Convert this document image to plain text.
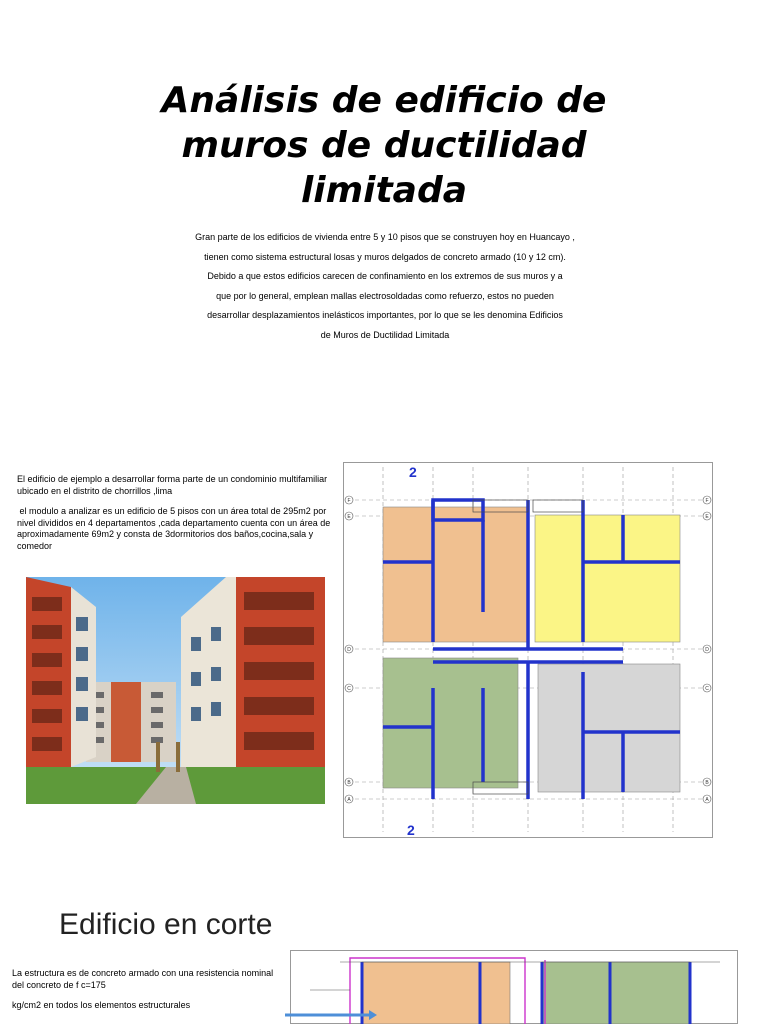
Análisis de edificio de
muros de ductilidad
limitada
Gran parte de los edificios de vivienda entre 5 y 10 pisos que se construyen hoy en Huancayo ,
tienen como sistema estructural losas y muros delgados de concreto armado (10 y 12 cm).
Debido a que estos edificios carecen de confinamiento en los extremos de sus muros y a
que por lo general, emplean mallas electrosoldadas como refuerzo, estos no pueden
desarrollar desplazamientos inelásticos importantes, por lo que se les denomina Edificios
de Muros de Ductilidad Limitada

El edificio de ejemplo a desarrollar forma parte de un condominio multifamiliar ubicado en el distrito de chorrillos ,lima

el modulo a analizar es un edificio de 5 pisos con un área total de 295m2 por nivel divididos en 4 departamentos ,cada departamento cuenta con un área de aproximadamente 69m2 y consta de 3dormitorios dos baños,cocina,sala y comedor

2
2
F	F
E	E
D	D
C	C
B	B
A	A
Edificio en corte

La estructura es de concreto armado con una resistencia nominal del concreto de f c=175

kg/cm2 en todos los elementos estructurales
